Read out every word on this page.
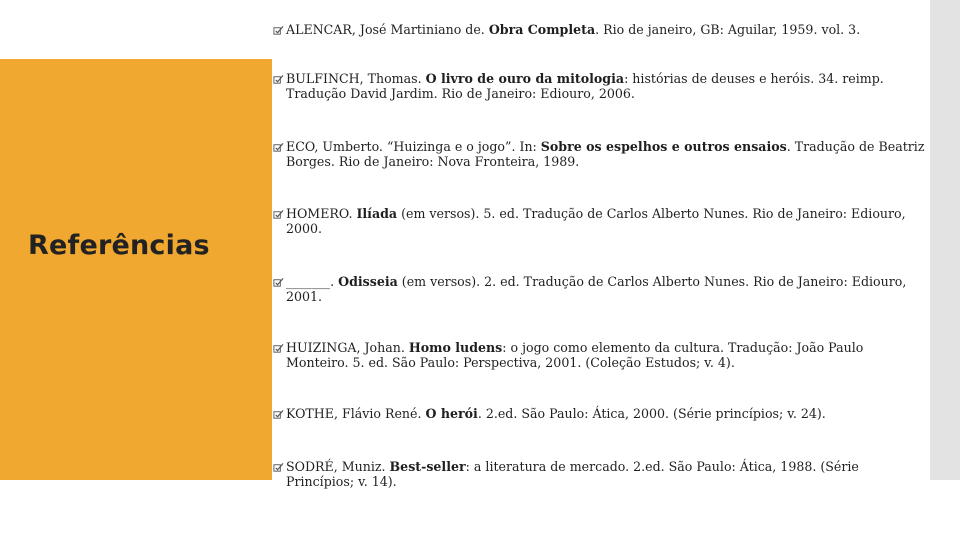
Referências
ALENCAR, José Martiniano de. Obra Completa. Rio de janeiro, GB: Aguilar, 1959. vol. 3.
BULFINCH, Thomas. O livro de ouro da mitologia: histórias de deuses e heróis. 34. reimp. Tradução David Jardim. Rio de Janeiro: Ediouro, 2006.
ECO, Umberto. “Huizinga e o jogo”. In: Sobre os espelhos e outros ensaios. Tradução de Beatriz Borges. Rio de Janeiro: Nova Fronteira, 1989.
HOMERO. Ilíada (em versos). 5. ed. Tradução de Carlos Alberto Nunes. Rio de Janeiro: Ediouro, 2000.
_______. Odisseia (em versos). 2. ed. Tradução de Carlos Alberto Nunes. Rio de Janeiro: Ediouro, 2001.
HUIZINGA, Johan. Homo ludens: o jogo como elemento da cultura. Tradução: João Paulo Monteiro. 5. ed. São Paulo: Perspectiva, 2001. (Coleção Estudos; v. 4).
KOTHE, Flávio René. O herói. 2.ed. São Paulo: Ática, 2000. (Série princípios; v. 24).
SODRÉ, Muniz. Best-seller: a literatura de mercado. 2.ed. São Paulo: Ática, 1988. (Série Princípios; v. 14).
